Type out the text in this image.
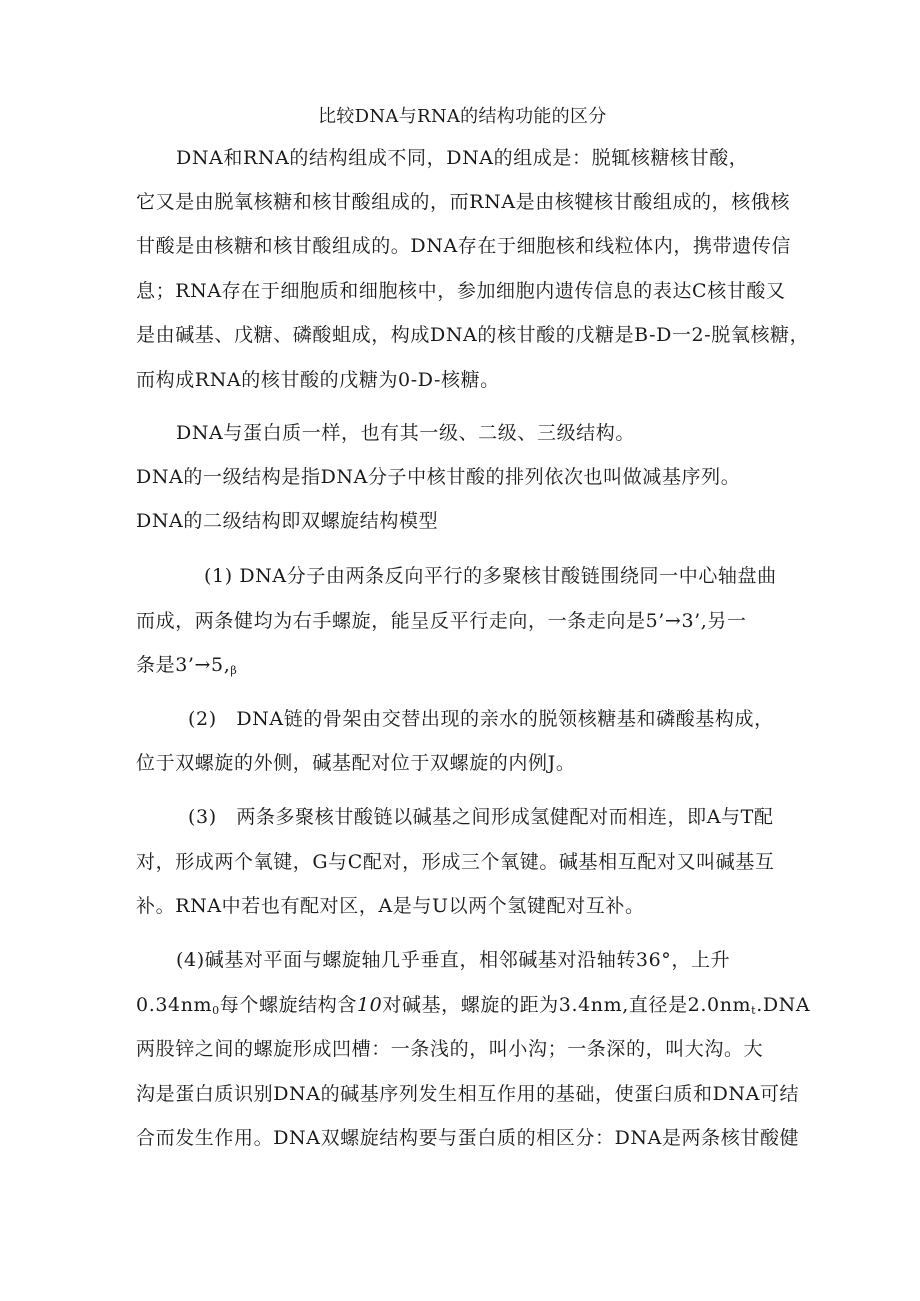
比较DNA与RNA的结构功能的区分
DNA和RNA的结构组成不同，DNA的组成是：脱辄核糖核甘酸，
它又是由脱氧核糖和核甘酸组成的，而RNA是由核犍核甘酸组成的，核俄核
甘酸是由核糖和核甘酸组成的。DNA存在于细胞核和线粒体内，携带遗传信
息；RNA存在于细胞质和细胞核中，参加细胞内遗传信息的表达C核甘酸又
是由碱基、戊糖、磷酸蛆成，构成DNA的核甘酸的戊糖是B-D一2-脱氧核糖，
而构成RNA的核甘酸的戊糖为0-D-核糖。
DNA与蛋白质一样，也有其一级、二级、三级结构。
DNA的一级结构是指DNA分子中核甘酸的排列依次也叫做减基序列。
DNA的二级结构即双螺旋结构模型
(1) DNA分子由两条反向平行的多聚核甘酸链围绕同一中心轴盘曲
而成，两条健均为右手螺旋，能呈反平行走向，一条走向是5’→3’,另一
条是$3’\to 5,_\beta$
(2)　DNA链的骨架由交替出现的亲水的脱领核糖基和磷酸基构成，
位于双螺旋的外侧，碱基配对位于双螺旋的内例J。
(3)　两条多聚核甘酸链以碱基之间形成氢健配对而相连，即A与T配
对，形成两个氧键，G与C配对，形成三个氧键。碱基相互配对又叫碱基互
补。RNA中若也有配对区，A是与U以两个氢键配对互补。
(4)碱基对平面与螺旋轴几乎垂直，相邻碱基对沿轴转36°，上升
$0.34nm_0$每个螺旋结构含10对碱基，螺旋的距为3.4nm,直径是$2.0nm_t.DNA$
两股锌之间的螺旋形成凹槽：一条浅的，叫小沟；一条深的，叫大沟。大
沟是蛋白质识别DNA的碱基序列发生相互作用的基础，使蛋臼质和DNA可结
合而发生作用。DNA双螺旋结构要与蛋白质的相区分：DNA是两条核甘酸健
